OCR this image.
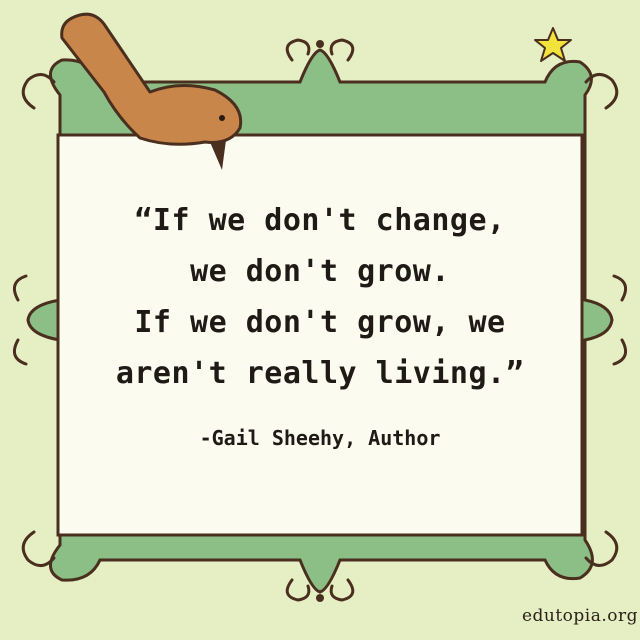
“If we don't change,
we don't grow.
If we don't grow, we
aren't really living.”
-Gail Sheehy, Author
edutopia.org
